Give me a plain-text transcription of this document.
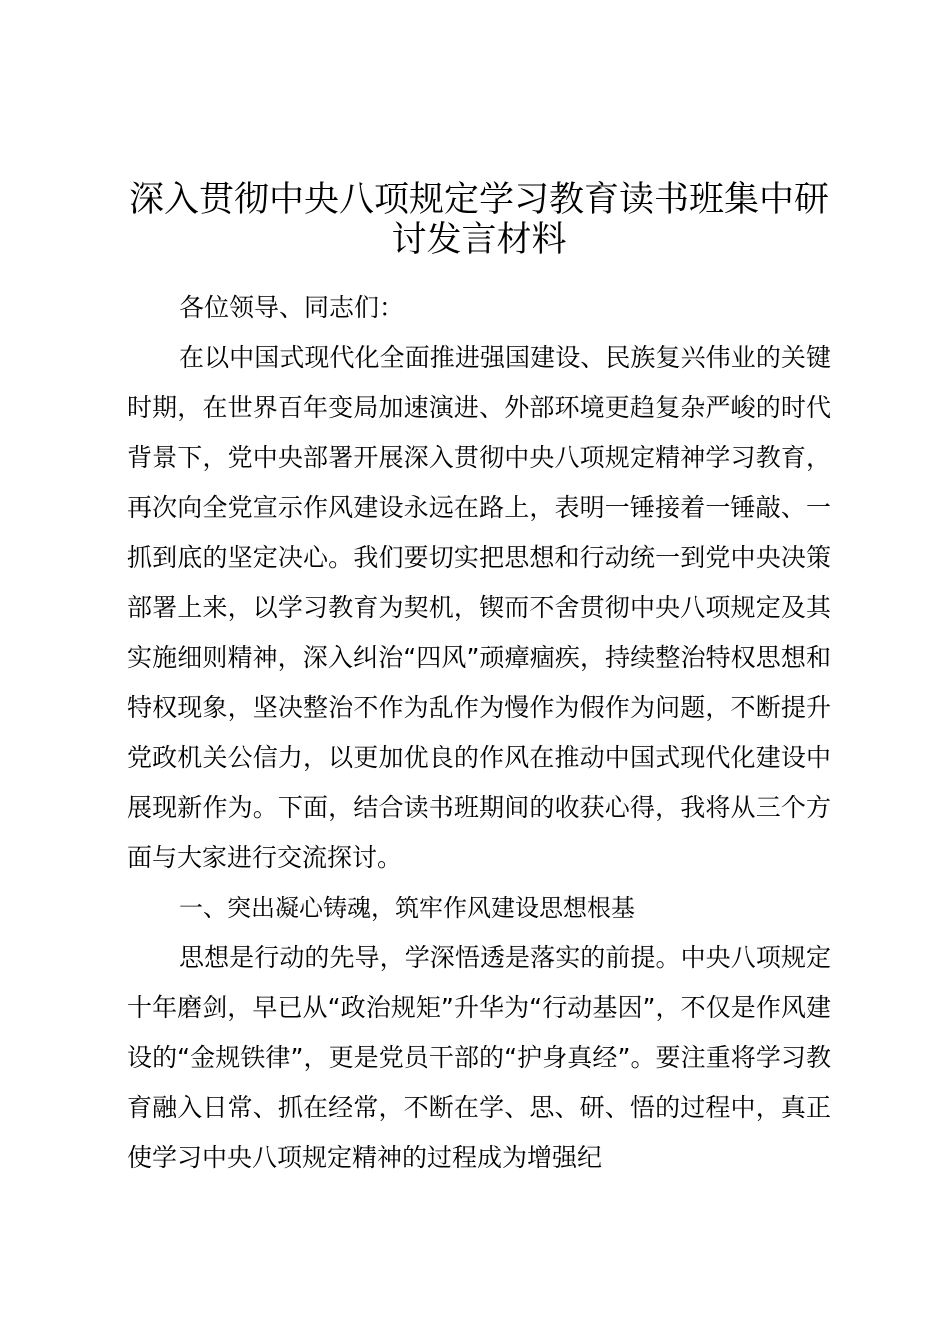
深入贯彻中央八项规定学习教育读书班集中研讨发言材料

各位领导、同志们：

在以中国式现代化全面推进强国建设、民族复兴伟业的关键时期，在世界百年变局加速演进、外部环境更趋复杂严峻的时代背景下，党中央部署开展深入贯彻中央八项规定精神学习教育，再次向全党宣示作风建设永远在路上，表明一锤接着一锤敲、一抓到底的坚定决心。我们要切实把思想和行动统一到党中央决策部署上来，以学习教育为契机，锲而不舍贯彻中央八项规定及其实施细则精神，深入纠治“四风”顽瘴痼疾，持续整治特权思想和特权现象，坚决整治不作为乱作为慢作为假作为问题，不断提升党政机关公信力，以更加优良的作风在推动中国式现代化建设中展现新作为。下面，结合读书班期间的收获心得，我将从三个方面与大家进行交流探讨。

一、突出凝心铸魂，筑牢作风建设思想根基

思想是行动的先导，学深悟透是落实的前提。中央八项规定十年磨剑，早已从“政治规矩”升华为“行动基因”，不仅是作风建设的“金规铁律”，更是党员干部的“护身真经”。要注重将学习教育融入日常、抓在经常，不断在学、思、研、悟的过程中，真正使学习中央八项规定精神的过程成为增强纪
